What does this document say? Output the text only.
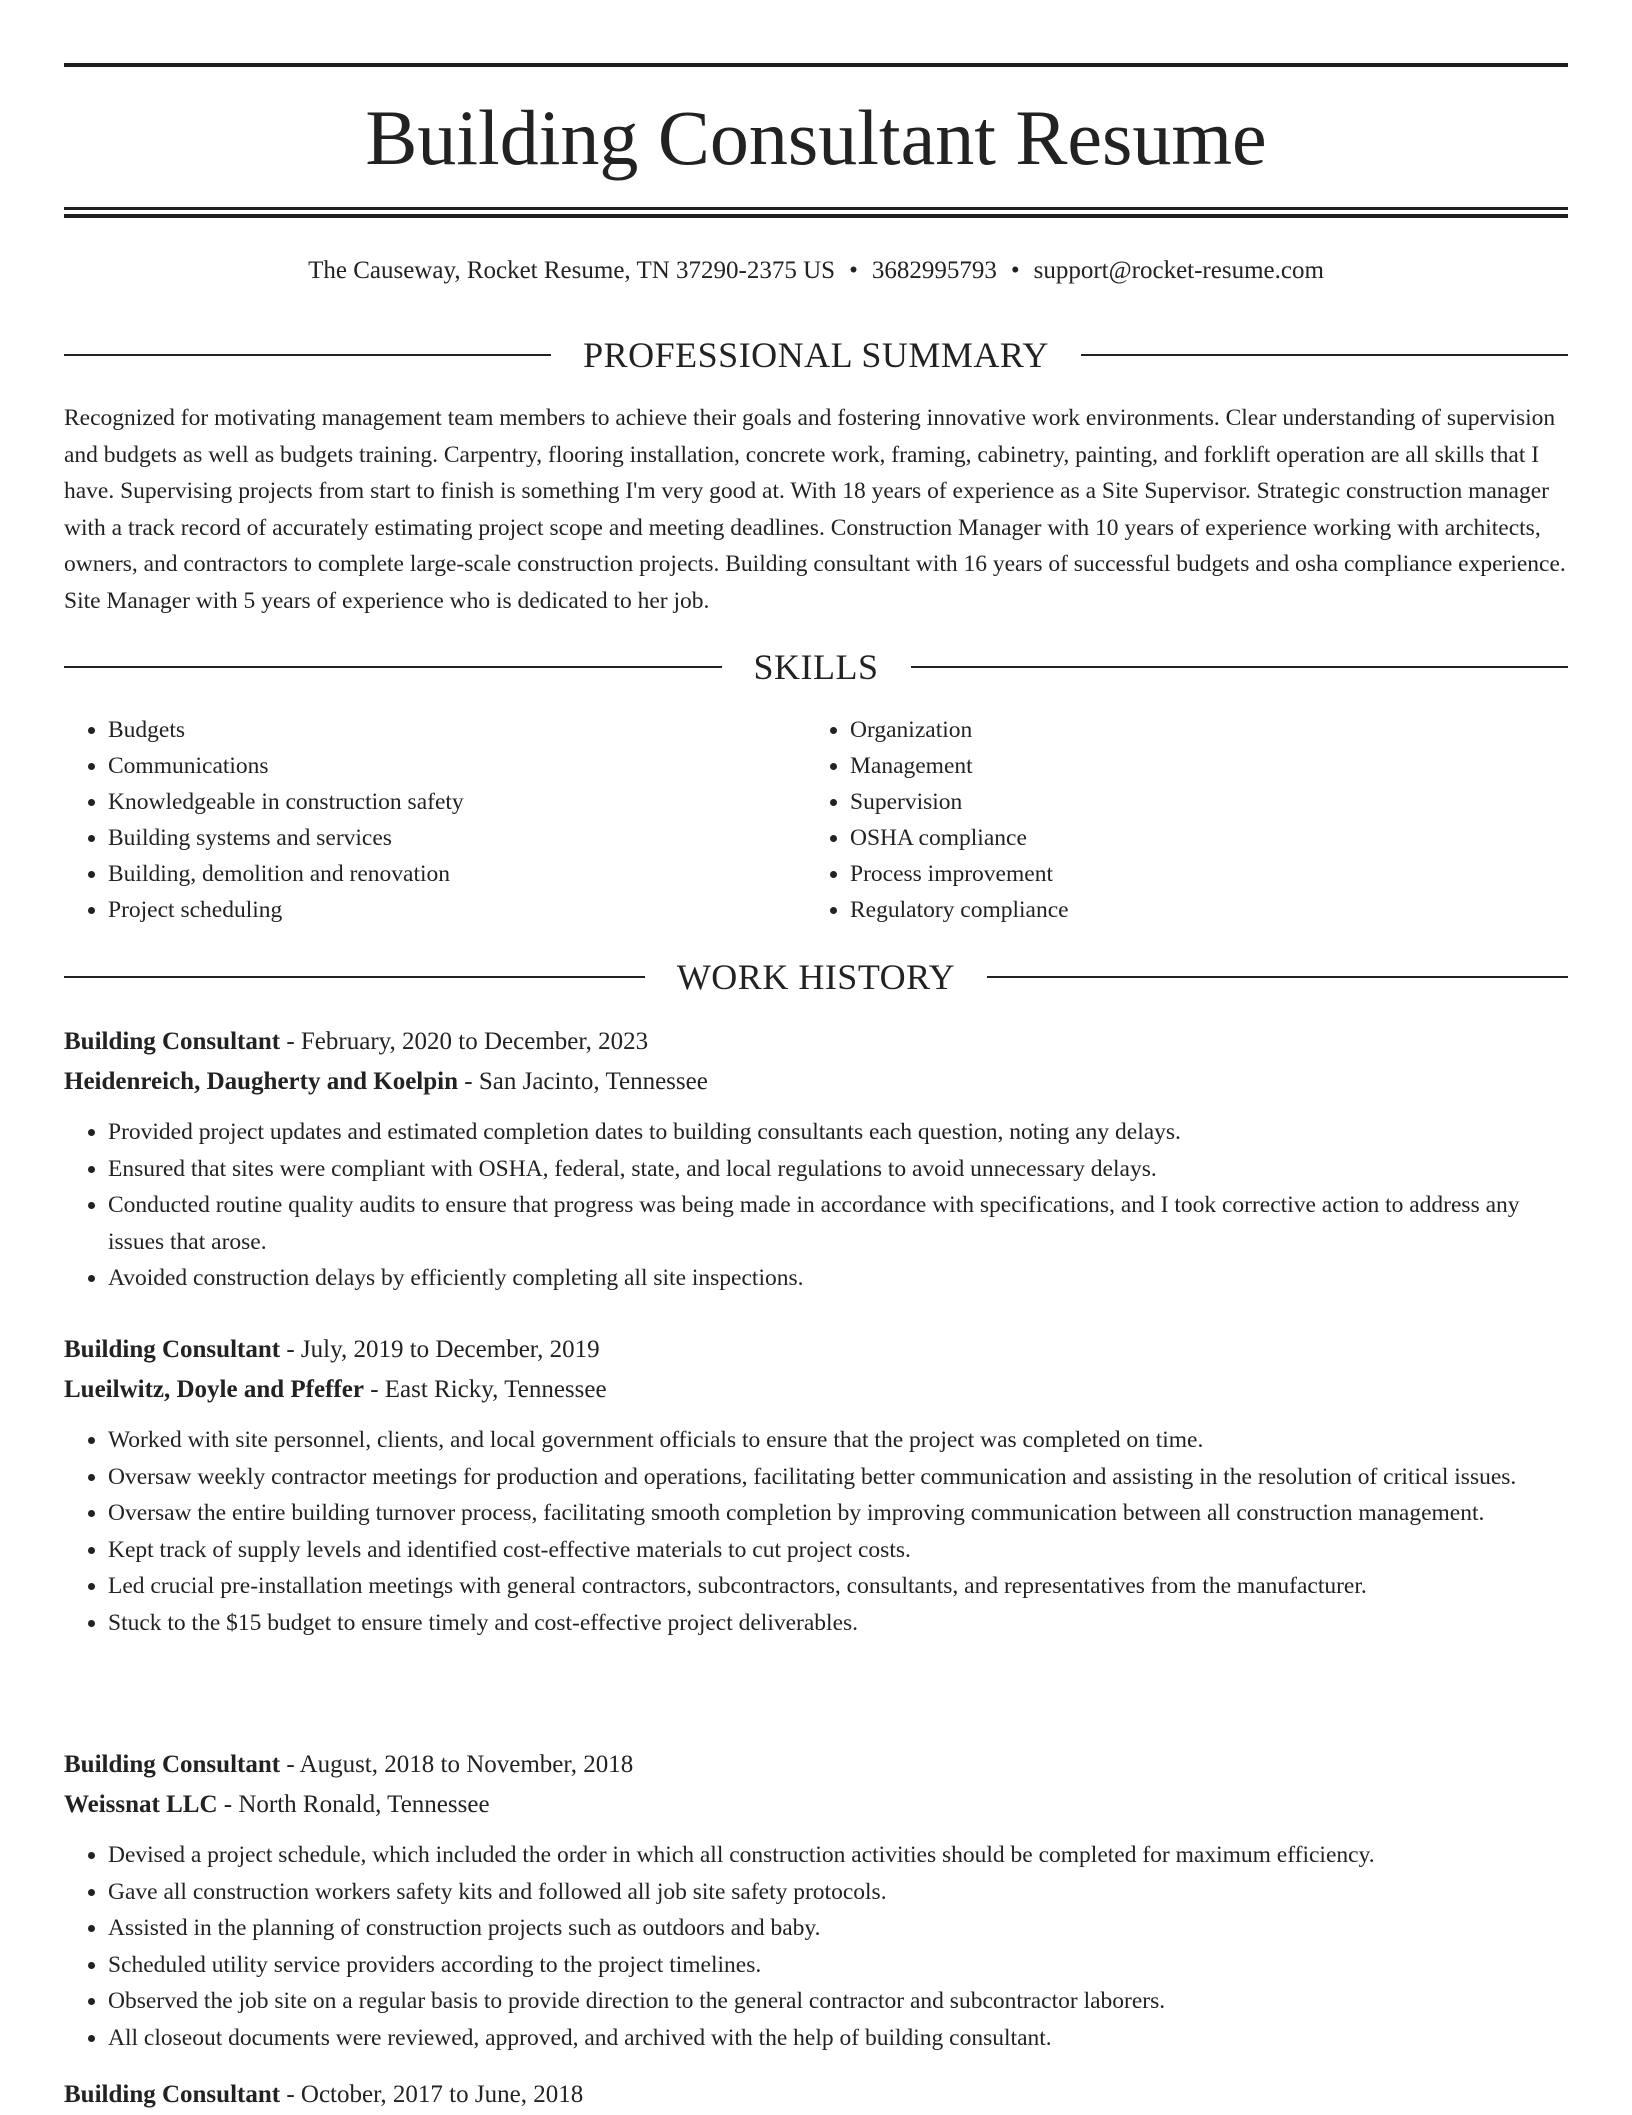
Building Consultant Resume
The Causeway, Rocket Resume, TN 37290-2375 US • 3682995793 • support@rocket-resume.com
PROFESSIONAL SUMMARY

Recognized for motivating management team members to achieve their goals and fostering innovative work environments. Clear understanding of supervision and budgets as well as budgets training. Carpentry, flooring installation, concrete work, framing, cabinetry, painting, and forklift operation are all skills that I have. Supervising projects from start to finish is something I'm very good at. With 18 years of experience as a Site Supervisor. Strategic construction manager with a track record of accurately estimating project scope and meeting deadlines. Construction Manager with 10 years of experience working with architects, owners, and contractors to complete large-scale construction projects. Building consultant with 16 years of successful budgets and osha compliance experience. Site Manager with 5 years of experience who is dedicated to her job.

SKILLS
• Budgets
• Communications
• Knowledgeable in construction safety
• Building systems and services
• Building, demolition and renovation
• Project scheduling
• Organization
• Management
• Supervision
• OSHA compliance
• Process improvement
• Regulatory compliance
WORK HISTORY
Building Consultant - February, 2020 to December, 2023
Heidenreich, Daugherty and Koelpin - San Jacinto, Tennessee
• Provided project updates and estimated completion dates to building consultants each question, noting any delays.
• Ensured that sites were compliant with OSHA, federal, state, and local regulations to avoid unnecessary delays.
• Conducted routine quality audits to ensure that progress was being made in accordance with specifications, and I took corrective action to address any issues that arose.
• Avoided construction delays by efficiently completing all site inspections.
Building Consultant - July, 2019 to December, 2019
Lueilwitz, Doyle and Pfeffer - East Ricky, Tennessee
• Worked with site personnel, clients, and local government officials to ensure that the project was completed on time.
• Oversaw weekly contractor meetings for production and operations, facilitating better communication and assisting in the resolution of critical issues.
• Oversaw the entire building turnover process, facilitating smooth completion by improving communication between all construction management.
• Kept track of supply levels and identified cost-effective materials to cut project costs.
• Led crucial pre-installation meetings with general contractors, subcontractors, consultants, and representatives from the manufacturer.
• Stuck to the $15 budget to ensure timely and cost-effective project deliverables.
Building Consultant - August, 2018 to November, 2018
Weissnat LLC - North Ronald, Tennessee
• Devised a project schedule, which included the order in which all construction activities should be completed for maximum efficiency.
• Gave all construction workers safety kits and followed all job site safety protocols.
• Assisted in the planning of construction projects such as outdoors and baby.
• Scheduled utility service providers according to the project timelines.
• Observed the job site on a regular basis to provide direction to the general contractor and subcontractor laborers.
• All closeout documents were reviewed, approved, and archived with the help of building consultant.
Building Consultant - October, 2017 to June, 2018
